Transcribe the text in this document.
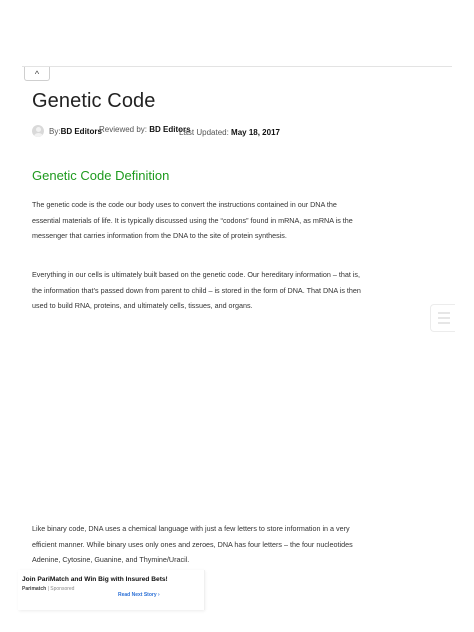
^
Genetic Code
By:BD Editors
Reviewed by: BD Editors
Last Updated: May 18, 2017
Genetic Code Definition

The genetic code is the code our body uses to convert the instructions contained in our DNA the essential materials of life. It is typically discussed using the “codons” found in mRNA, as mRNA is the messenger that carries information from the DNA to the site of protein synthesis.

Everything in our cells is ultimately built based on the genetic code. Our hereditary information – that is, the information that’s passed down from parent to child – is stored in the form of DNA. That DNA is then used to build RNA, proteins, and ultimately cells, tissues, and organs.

Like binary code, DNA uses a chemical language with just a few letters to store information in a very efficient manner. While binary uses only ones and zeroes, DNA has four letters – the four nucleotides Adenine, Cytosine, Guanine, and Thymine/Uracil.

Join PariMatch and Win Big with Insured Bets!
Parimatch | Sponsored
Read Next Story ›
